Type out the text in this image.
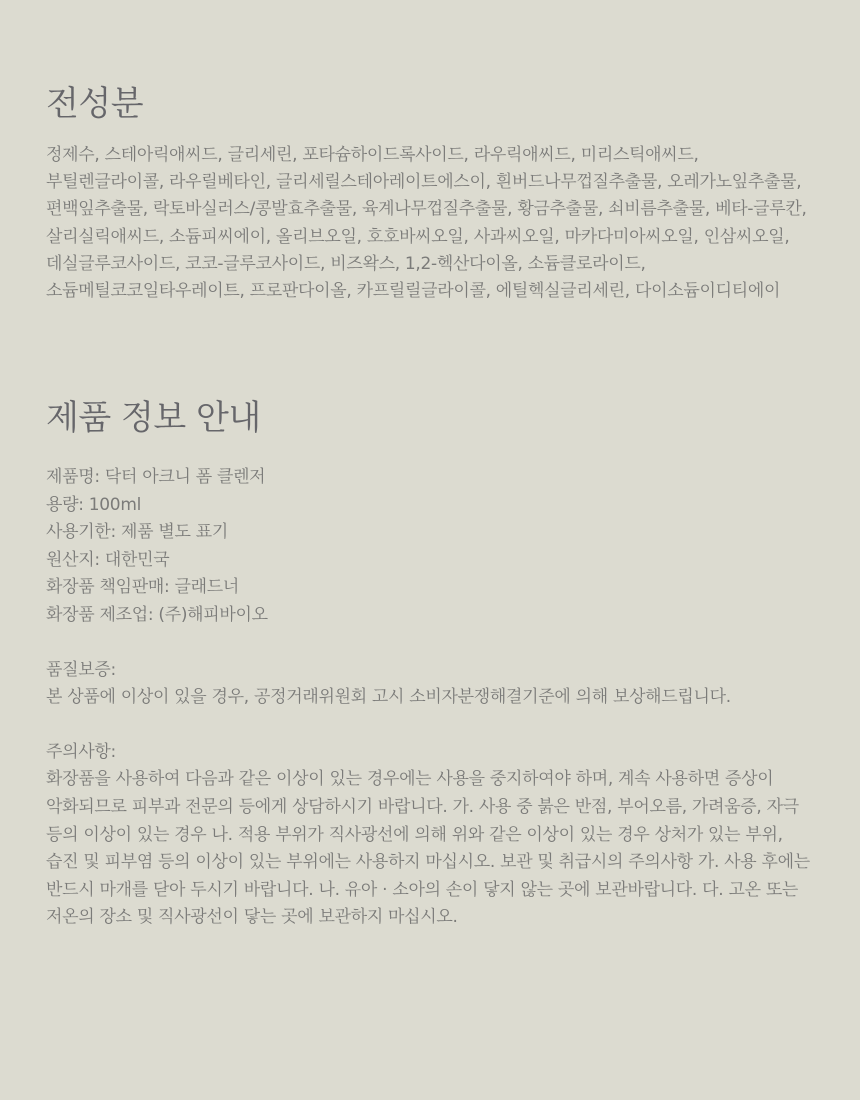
전성분
정제수, 스테아릭애씨드, 글리세린, 포타슘하이드록사이드, 라우릭애씨드, 미리스틱애씨드, 부틸렌글라이콜, 라우릴베타인, 글리세릴스테아레이트에스이, 흰버드나무껍질추출물, 오레가노잎추출물, 편백잎추출물, 락토바실러스/콩발효추출물, 육계나무껍질추출물, 황금추출물, 쇠비름추출물, 베타-글루칸, 살리실릭애씨드, 소듐피씨에이, 올리브오일, 호호바씨오일, 사과씨오일, 마카다미아씨오일, 인삼씨오일, 데실글루코사이드, 코코-글루코사이드, 비즈왁스, 1,2-헥산다이올, 소듐클로라이드, 소듐메틸코코일타우레이트, 프로판다이올, 카프릴릴글라이콜, 에틸헥실글리세린, 다이소듐이디티에이
제품 정보 안내
제품명: 닥터 아크니 폼 클렌저
용량: 100ml
사용기한: 제품 별도 표기
원산지: 대한민국
화장품 책임판매: 글래드너
화장품 제조업: (주)해피바이오
품질보증:
본 상품에 이상이 있을 경우, 공정거래위원회 고시 소비자분쟁해결기준에 의해 보상해드립니다.
주의사항:
화장품을 사용하여 다음과 같은 이상이 있는 경우에는 사용을 중지하여야 하며, 계속 사용하면 증상이 악화되므로 피부과 전문의 등에게 상담하시기 바랍니다. 가. 사용 중 붉은 반점, 부어오름, 가려움증, 자극 등의 이상이 있는 경우 나. 적용 부위가 직사광선에 의해 위와 같은 이상이 있는 경우 상처가 있는 부위, 습진 및 피부염 등의 이상이 있는 부위에는 사용하지 마십시오. 보관 및 취급시의 주의사항 가. 사용 후에는 반드시 마개를 닫아 두시기 바랍니다. 나. 유아 · 소아의 손이 닿지 않는 곳에 보관바랍니다. 다. 고온 또는 저온의 장소 및 직사광선이 닿는 곳에 보관하지 마십시오.
